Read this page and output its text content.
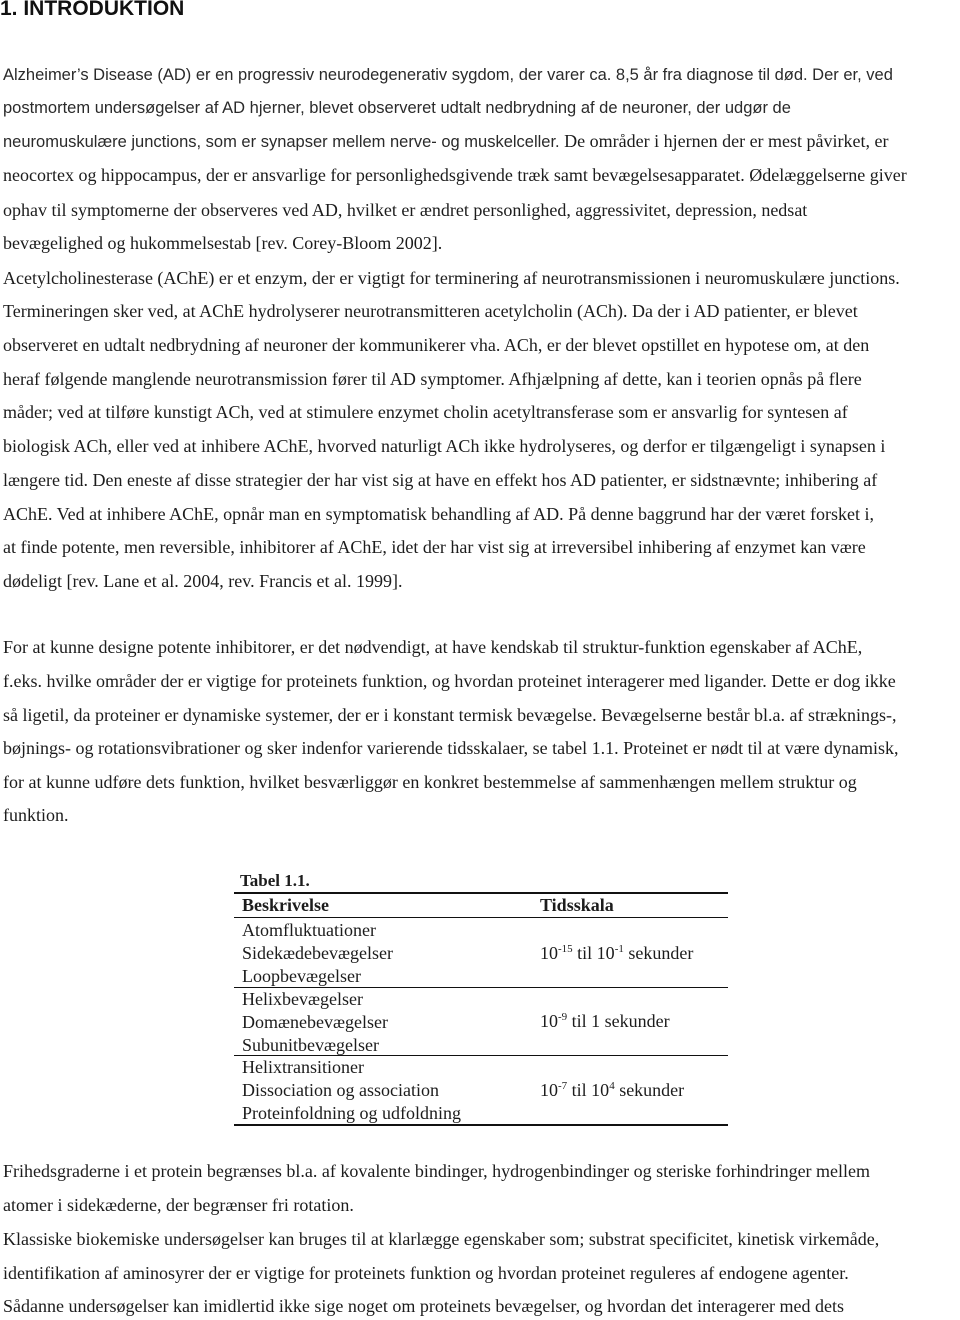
1. INTRODUKTION
Alzheimer’s Disease (AD) er en progressiv neurodegenerativ sygdom, der varer ca. 8,5 år fra diagnose til død. Der er, ved
postmortem undersøgelser af AD hjerner, blevet observeret udtalt nedbrydning af de neuroner, der udgør de
neuromuskulære junctions, som er synapser mellem nerve- og muskelceller. De områder i hjernen der er mest påvirket, er
neocortex og hippocampus, der er ansvarlige for personlighedsgivende træk samt bevægelsesapparatet. Ødelæggelserne giver
ophav til symptomerne der observeres ved AD, hvilket er ændret personlighed, aggressivitet, depression, nedsat
bevægelighed og hukommelsestab [rev. Corey-Bloom 2002].
Acetylcholinesterase (AChE) er et enzym, der er vigtigt for terminering af neurotransmissionen i neuromuskulære junctions.
Termineringen sker ved, at AChE hydrolyserer neurotransmitteren acetylcholin (ACh). Da der i AD patienter, er blevet
observeret en udtalt nedbrydning af neuroner der kommunikerer vha. ACh, er der blevet opstillet en hypotese om, at den
heraf følgende manglende neurotransmission fører til AD symptomer. Afhjælpning af dette, kan i teorien opnås på flere
måder; ved at tilføre kunstigt ACh, ved at stimulere enzymet cholin acetyltransferase som er ansvarlig for syntesen af
biologisk ACh, eller ved at inhibere AChE, hvorved naturligt ACh ikke hydrolyseres, og derfor er tilgængeligt i synapsen i
længere tid. Den eneste af disse strategier der har vist sig at have en effekt hos AD patienter, er sidstnævnte; inhibering af
AChE. Ved at inhibere AChE, opnår man en symptomatisk behandling af AD. På denne baggrund har der været forsket i,
at finde potente, men reversible, inhibitorer af AChE, idet der har vist sig at irreversibel inhibering af enzymet kan være
dødeligt [rev. Lane et al. 2004, rev. Francis et al. 1999].
For at kunne designe potente inhibitorer, er det nødvendigt, at have kendskab til struktur-funktion egenskaber af AChE,
f.eks. hvilke områder der er vigtige for proteinets funktion, og hvordan proteinet interagerer med ligander. Dette er dog ikke
så ligetil, da proteiner er dynamiske systemer, der er i konstant termisk bevægelse. Bevægelserne består bl.a. af stræknings-,
bøjnings- og rotationsvibrationer og sker indenfor varierende tidsskalaer, se tabel 1.1. Proteinet er nødt til at være dynamisk,
for at kunne udføre dets funktion, hvilket besværliggør en konkret bestemmelse af sammenhængen mellem struktur og
funktion.
Tabel 1.1.
Beskrivelse	Tidsskala
Atomfluktuationer
Sidekædebevægelser
Loopbevægelser
$10^{-15}$ til $10^{-1}$ sekunder
Helixbevægelser
Domænebevægelser
Subunitbevægelser
$10^{-9}$ til 1 sekunder
Helixtransitioner
Dissociation og association
Proteinfoldning og udfoldning
$10^{-7}$ til $10^4$ sekunder
Frihedsgraderne i et protein begrænses bl.a. af kovalente bindinger, hydrogenbindinger og steriske forhindringer mellem
atomer i sidekæderne, der begrænser fri rotation.
Klassiske biokemiske undersøgelser kan bruges til at klarlægge egenskaber som; substrat specificitet, kinetisk virkemåde,
identifikation af aminosyrer der er vigtige for proteinets funktion og hvordan proteinet reguleres af endogene agenter.
Sådanne undersøgelser kan imidlertid ikke sige noget om proteinets bevægelser, og hvordan det interagerer med dets
